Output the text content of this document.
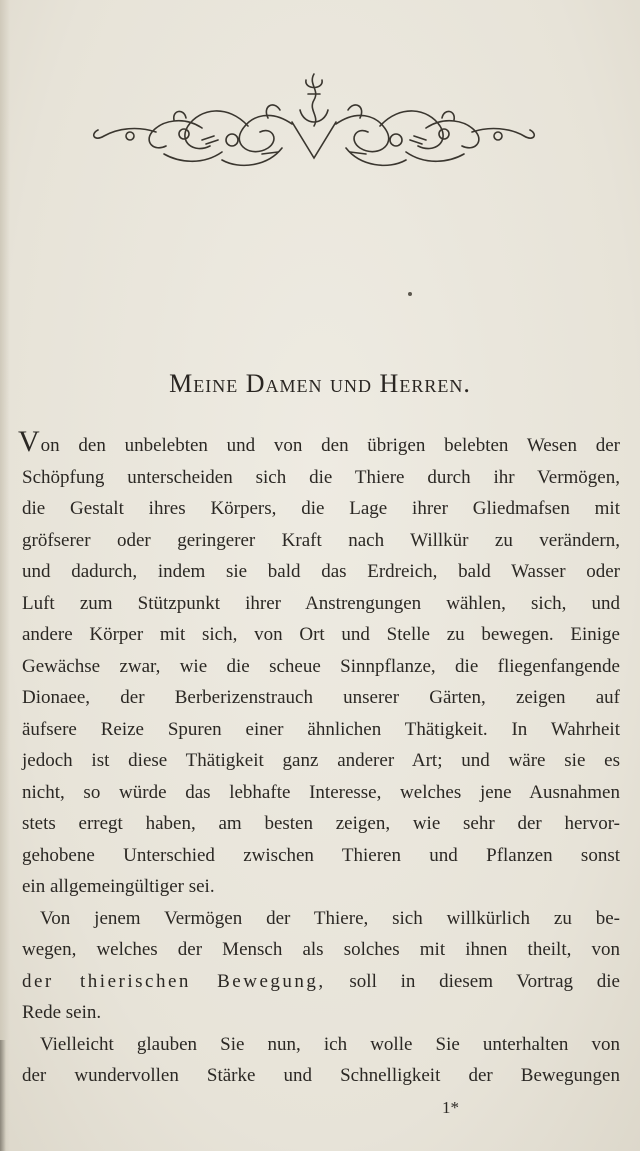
Meine Damen und Herren.
Von den unbelebten und von den übrigen belebten Wesen der
Schöpfung unterscheiden sich die Thiere durch ihr Vermögen,
die Gestalt ihres Körpers, die Lage ihrer Gliedmafsen mit
gröfserer oder geringerer Kraft nach Willkür zu verändern,
und dadurch, indem sie bald das Erdreich, bald Wasser oder
Luft zum Stützpunkt ihrer Anstrengungen wählen, sich, und
andere Körper mit sich, von Ort und Stelle zu bewegen. Einige
Gewächse zwar, wie die scheue Sinnpflanze, die fliegenfangende
Dionaee, der Berberizenstrauch unserer Gärten, zeigen auf
äufsere Reize Spuren einer ähnlichen Thätigkeit. In Wahrheit
jedoch ist diese Thätigkeit ganz anderer Art; und wäre sie es
nicht, so würde das lebhafte Interesse, welches jene Ausnahmen
stets erregt haben, am besten zeigen, wie sehr der hervor-
gehobene Unterschied zwischen Thieren und Pflanzen sonst
ein allgemeingültiger sei.
Von jenem Vermögen der Thiere, sich willkürlich zu be-
wegen, welches der Mensch als solches mit ihnen theilt, von
der thierischen Bewegung, soll in diesem Vortrag die
Rede sein.
Vielleicht glauben Sie nun, ich wolle Sie unterhalten von
der wundervollen Stärke und Schnelligkeit der Bewegungen
1*
